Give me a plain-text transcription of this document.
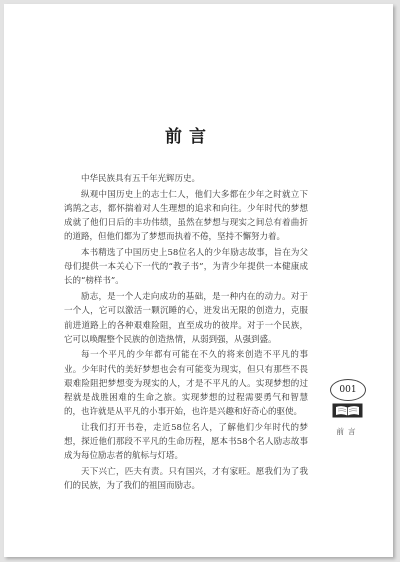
前言

中华民族具有五千年光辉历史。

纵观中国历史上的志士仁人，他们大多都在少年之时就立下鸿鹄之志，都怀揣着对人生理想的追求和向往。少年时代的梦想成就了他们日后的丰功伟绩，虽然在梦想与现实之间总有着曲折的道路，但他们都为了梦想而执着不倦，坚持不懈努力着。

本书精选了中国历史上58位名人的少年励志故事，旨在为父母们提供一本关心下一代的“教子书”，为青少年提供一本健康成长的“榜样书”。

励志，是一个人走向成功的基础，是一种内在的动力。对于一个人，它可以激活一颗沉睡的心，迸发出无限的创造力，克服前进道路上的各种艰难险阻，直至成功的彼岸。对于一个民族，它可以唤醒整个民族的创造热情，从弱到强，从强到盛。

每一个平凡的少年都有可能在不久的将来创造不平凡的事业。少年时代的美好梦想也会有可能变为现实，但只有那些不畏艰难险阻把梦想变为现实的人，才是不平凡的人。实现梦想的过程就是战胜困难的生命之旅。实现梦想的过程需要勇气和智慧的，也许就是从平凡的小事开始，也许是兴趣和好奇心的驱使。

让我们打开书卷，走近58位名人，了解他们少年时代的梦想，探近他们那段不平凡的生命历程，愿本书58个名人励志故事成为每位励志者的航标与灯塔。

天下兴亡，匹夫有责。只有国兴，才有家旺。愿我们为了我们的民族，为了我们的祖国而励志。

001
前言
